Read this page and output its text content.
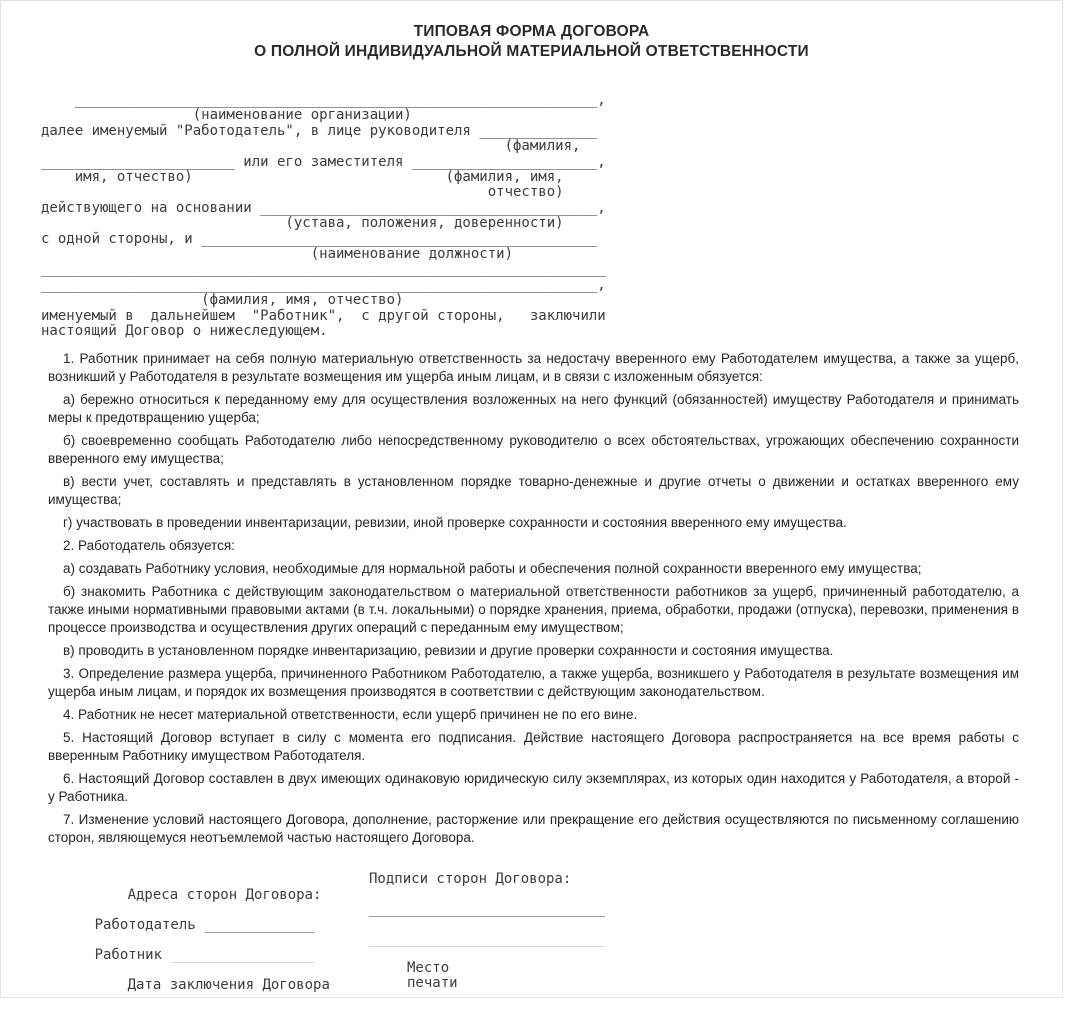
ТИПОВАЯ ФОРМА ДОГОВОРА
О ПОЛНОЙ ИНДИВИДУАЛЬНОЙ МАТЕРИАЛЬНОЙ ОТВЕТСТВЕННОСТИ
______________________________________________________________,
(наименование организации)
далее именуемый "Работодатель", в лице руководителя ______________
(фамилия,
_______________________ или его заместителя ______________________,
имя, отчество)                              (фамилия, имя,
отчество)
действующего на основании ________________________________________,
(устава, положения, доверенности)
с одной стороны, и _______________________________________________
(наименование должности)
___________________________________________________________________
__________________________________________________________________,
(фамилия, имя, отчество)
именуемый в  дальнейшем  "Работник",  с другой стороны,   заключили
настоящий Договор о нижеследующем.

1. Работник принимает на себя полную материальную ответственность за недостачу вверенного ему Работодателем имущества, а также за ущерб, возникший у Работодателя в результате возмещения им ущерба иным лицам, и в связи с изложенным обязуется:

а) бережно относиться к переданному ему для осуществления возложенных на него функций (обязанностей) имуществу Работодателя и принимать меры к предотвращению ущерба;

б) своевременно сообщать Работодателю либо непосредственному руководителю о всех обстоятельствах, угрожающих обеспечению сохранности вверенного ему имущества;

в) вести учет, составлять и представлять в установленном порядке товарно-денежные и другие отчеты о движении и остатках вверенного ему имущества;

г) участвовать в проведении инвентаризации, ревизии, иной проверке сохранности и состояния вверенного ему имущества.

2. Работодатель обязуется:

а) создавать Работнику условия, необходимые для нормальной работы и обеспечения полной сохранности вверенного ему имущества;

б) знакомить Работника с действующим законодательством о материальной ответственности работников за ущерб, причиненный работодателю, а также иными нормативными правовыми актами (в т.ч. локальными) о порядке хранения, приема, обработки, продажи (отпуска), перевозки, применения в процессе производства и осуществления других операций с переданным ему имуществом;

в) проводить в установленном порядке инвентаризацию, ревизии и другие проверки сохранности и состояния имущества.

3. Определение размера ущерба, причиненного Работником Работодателю, а также ущерба, возникшего у Работодателя в результате возмещения им ущерба иным лицам, и порядок их возмещения производятся в соответствии с действующим законодательством.

4. Работник не несет материальной ответственности, если ущерб причинен не по его вине.

5. Настоящий Договор вступает в силу с момента его подписания. Действие настоящего Договора распространяется на все время работы с вверенным Работнику имуществом Работодателя.

6. Настоящий Договор составлен в двух имеющих одинаковую юридическую силу экземплярах, из которых один находится у Работодателя, а второй - у Работника.

7. Изменение условий настоящего Договора, дополнение, расторжение или прекращение его действия осуществляются по письменному соглашению сторон, являющемуся неотъемлемой частью настоящего Договора.

Адреса сторон Договора:

Подписи сторон Договора:

Работодатель _____________

____________________________

Работник _________________

____________________________

Дата заключения Договора

Место
печати
